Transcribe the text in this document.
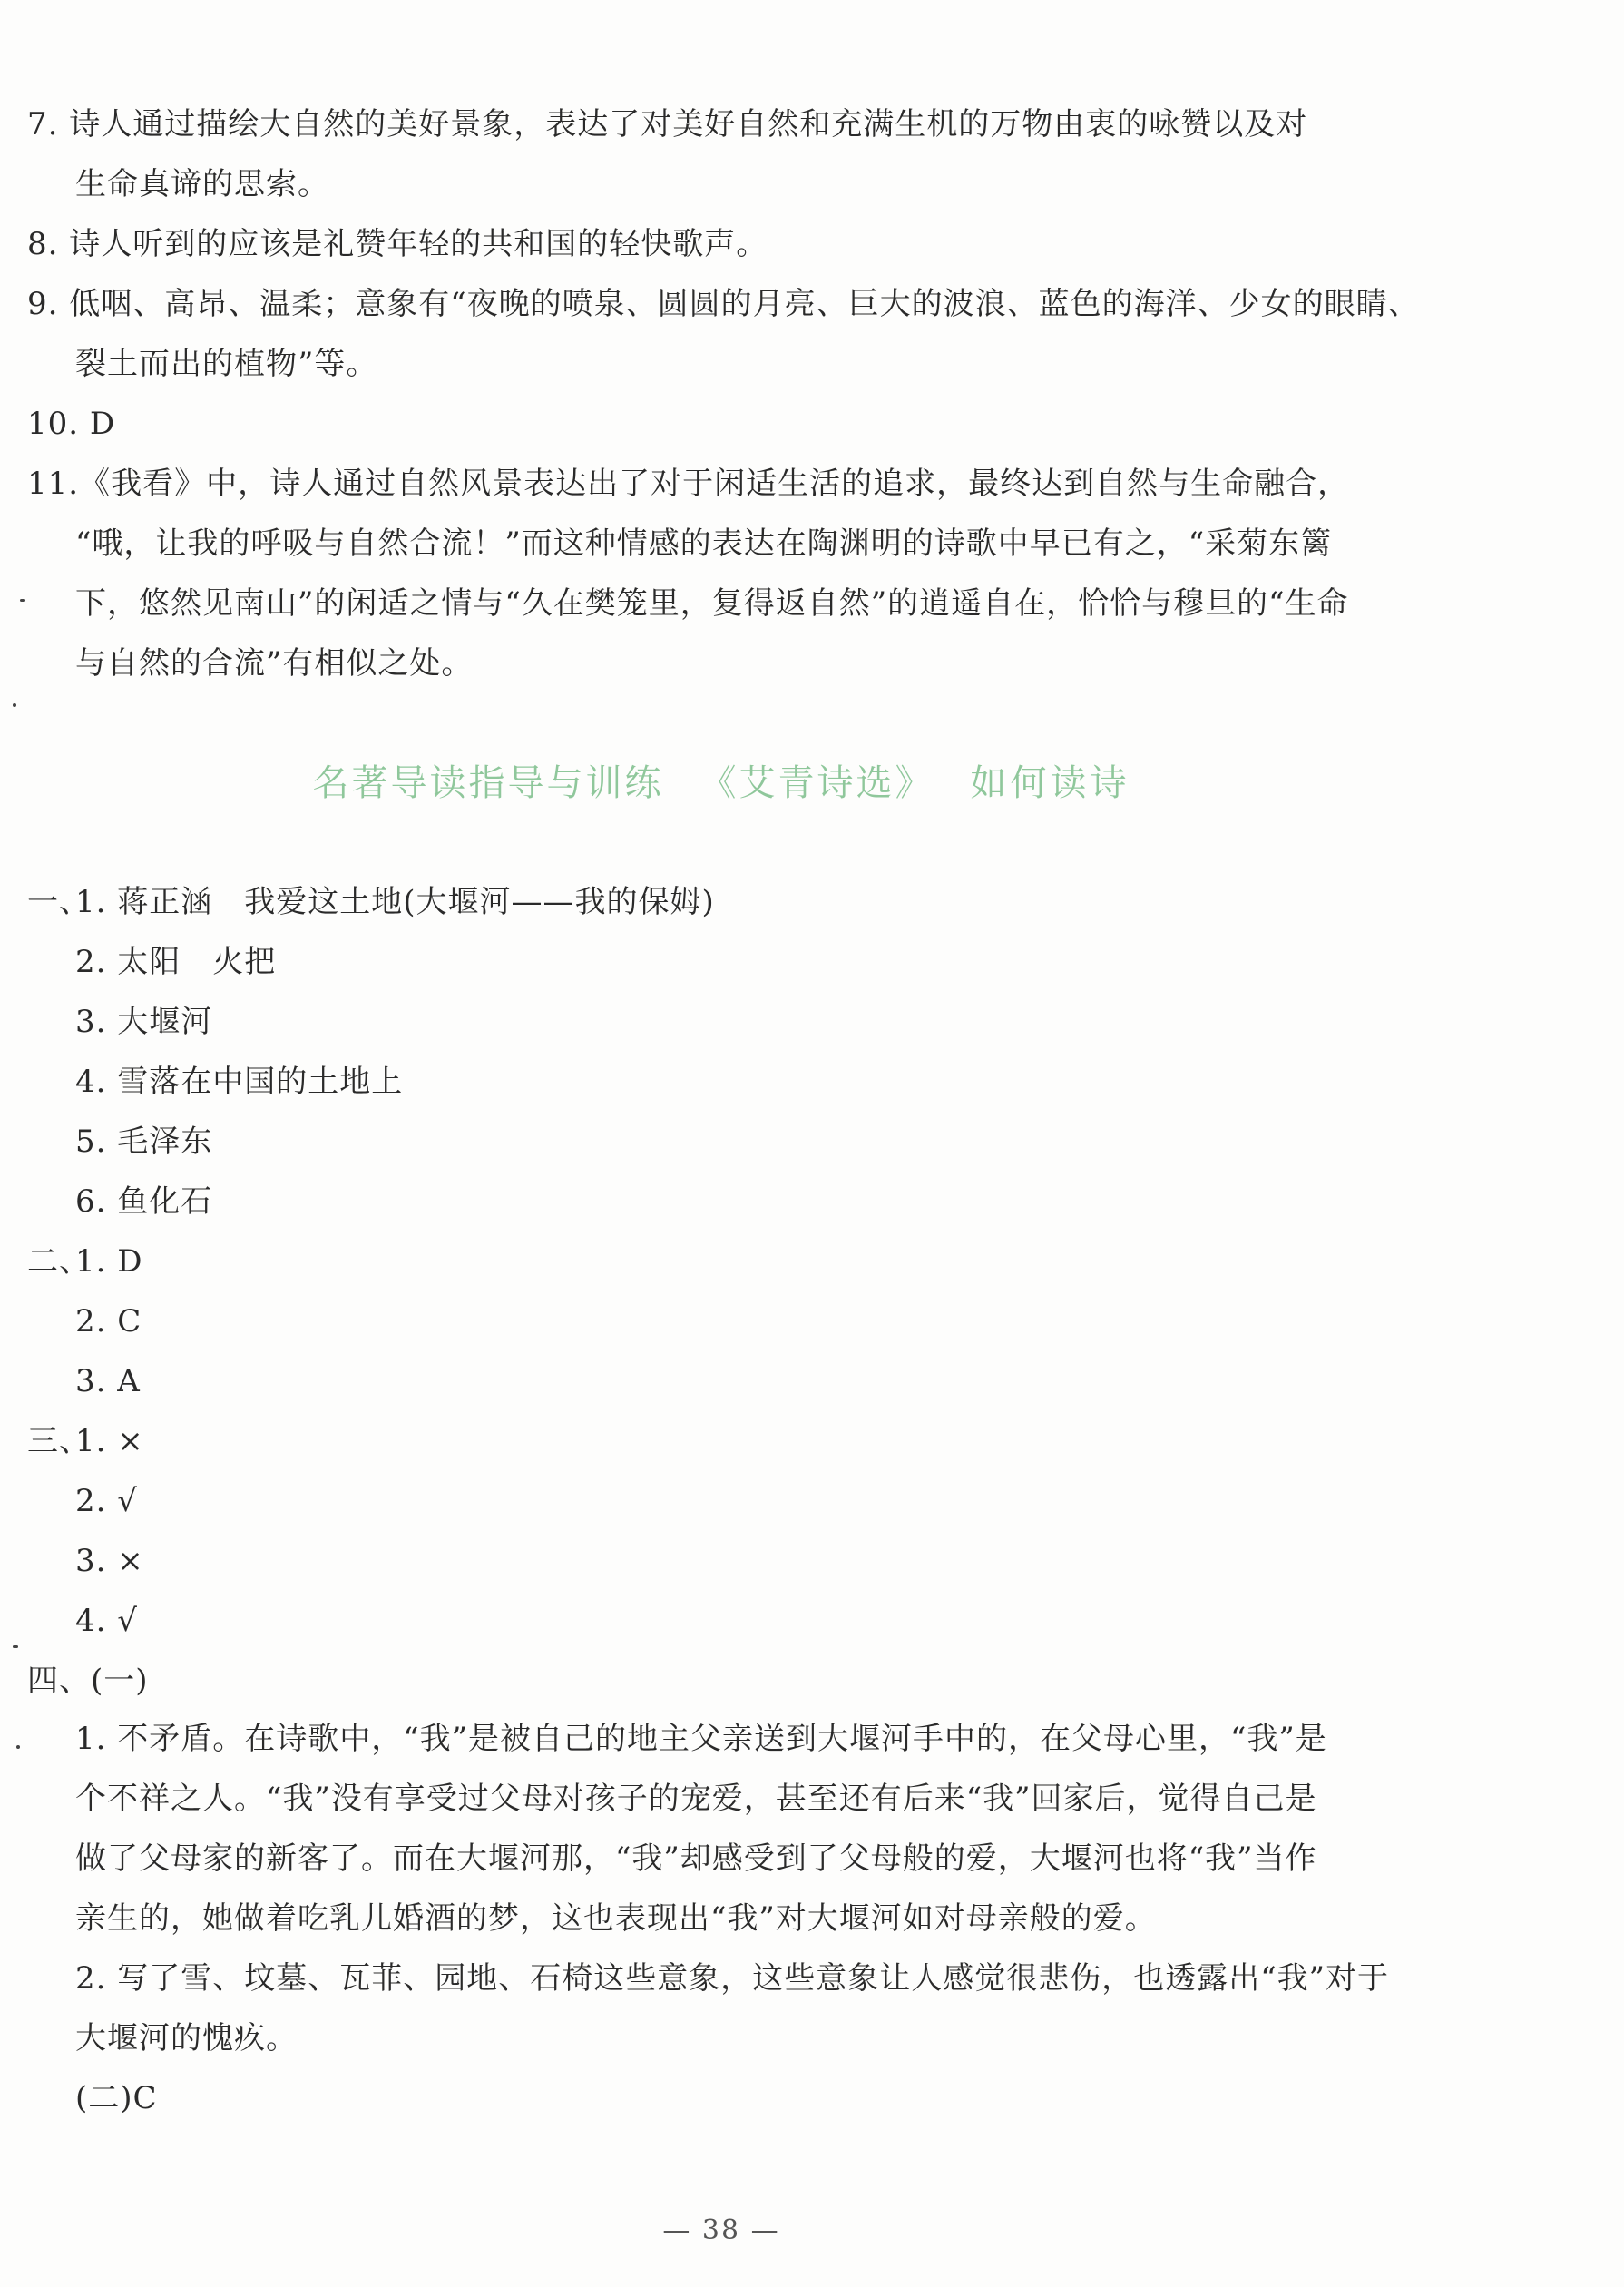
7. 诗人通过描绘大自然的美好景象，表达了对美好自然和充满生机的万物由衷的咏赞以及对
生命真谛的思索。
8. 诗人听到的应该是礼赞年轻的共和国的轻快歌声。
9. 低咽、高昂、温柔；意象有“夜晚的喷泉、圆圆的月亮、巨大的波浪、蓝色的海洋、少女的眼睛、
裂土而出的植物”等。
10. D
11.《我看》中，诗人通过自然风景表达出了对于闲适生活的追求，最终达到自然与生命融合，
“哦，让我的呼吸与自然合流！”而这种情感的表达在陶渊明的诗歌中早已有之，“采菊东篱
下，悠然见南山”的闲适之情与“久在樊笼里，复得返自然”的逍遥自在，恰恰与穆旦的“生命
与自然的合流”有相似之处。
名著导读指导与训练 《艾青诗选》 如何读诗
一、
1. 蒋正涵　我爱这土地(大堰河——我的保姆)
2. 太阳　火把
3. 大堰河
4. 雪落在中国的土地上
5. 毛泽东
6. 鱼化石
二、
1. D
2. C
3. A
三、
1. ×
2. √
3. ×
4. √
四、(一)
1. 不矛盾。在诗歌中，“我”是被自己的地主父亲送到大堰河手中的，在父母心里，“我”是
个不祥之人。“我”没有享受过父母对孩子的宠爱，甚至还有后来“我”回家后，觉得自己是
做了父母家的新客了。而在大堰河那，“我”却感受到了父母般的爱，大堰河也将“我”当作
亲生的，她做着吃乳儿婚酒的梦，这也表现出“我”对大堰河如对母亲般的爱。
2. 写了雪、坟墓、瓦菲、园地、石椅这些意象，这些意象让人感觉很悲伤，也透露出“我”对于
大堰河的愧疚。
(二)C
— 38 —
